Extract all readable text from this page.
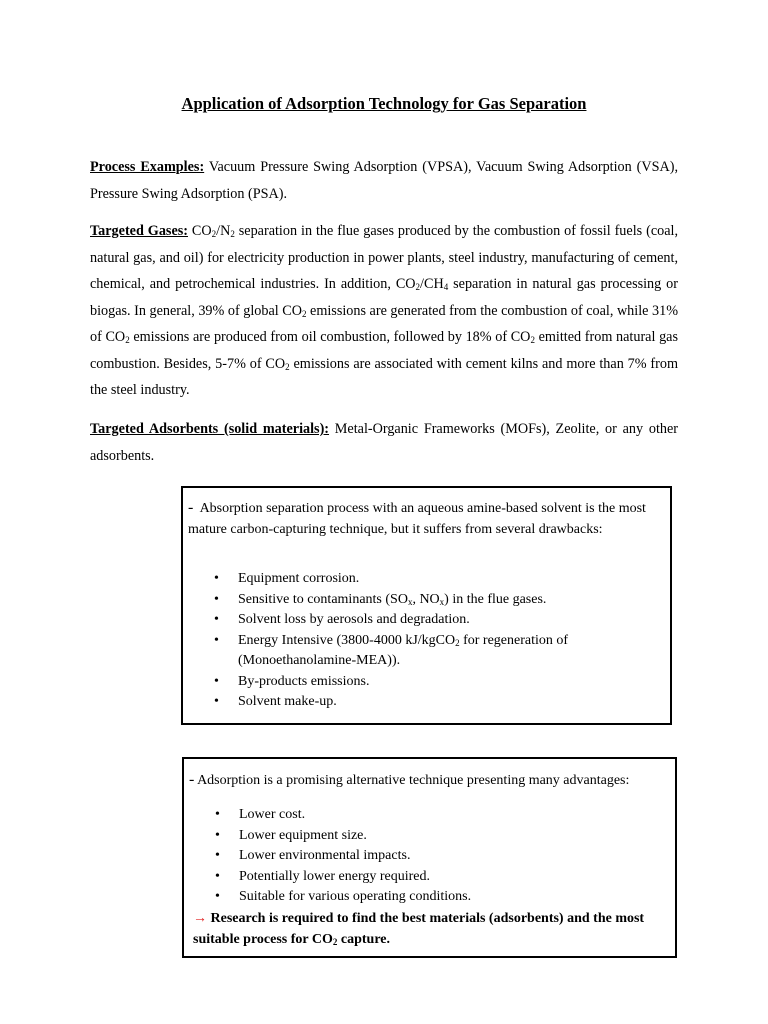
Application of Adsorption Technology for Gas Separation
Process Examples: Vacuum Pressure Swing Adsorption (VPSA), Vacuum Swing Adsorption (VSA), Pressure Swing Adsorption (PSA).
Targeted Gases: $CO_2/N_2$ separation in the flue gases produced by the combustion of fossil fuels (coal, natural gas, and oil) for electricity production in power plants, steel industry, manufacturing of cement, chemical, and petrochemical industries. In addition, $CO_2/CH_4$ separation in natural gas processing or biogas. In general, 39% of global $CO_2$ emissions are generated from the combustion of coal, while 31% of $CO_2$ emissions are produced from oil combustion, followed by 18% of $CO_2$ emitted from natural gas combustion. Besides, 5-7% of $CO_2$ emissions are associated with cement kilns and more than 7% from the steel industry.
Targeted Adsorbents (solid materials): Metal-Organic Frameworks (MOFs), Zeolite, or any other adsorbents.
- Absorption separation process with an aqueous amine-based solvent is the most mature carbon-capturing technique, but it suffers from several drawbacks:
• Equipment corrosion.
• Sensitive to contaminants ($SO_x$, $NO_x$) in the flue gases.
• Solvent loss by aerosols and degradation.
• Energy Intensive (3800-4000 kJ/kgCO$_2$ for regeneration of (Monoethanolamine-MEA)).
• By-products emissions.
• Solvent make-up.
- Adsorption is a promising alternative technique presenting many advantages:
• Lower cost.
• Lower equipment size.
• Lower environmental impacts.
• Potentially lower energy required.
• Suitable for various operating conditions.
→ Research is required to find the best materials (adsorbents) and the most suitable process for $CO_2$ capture.
